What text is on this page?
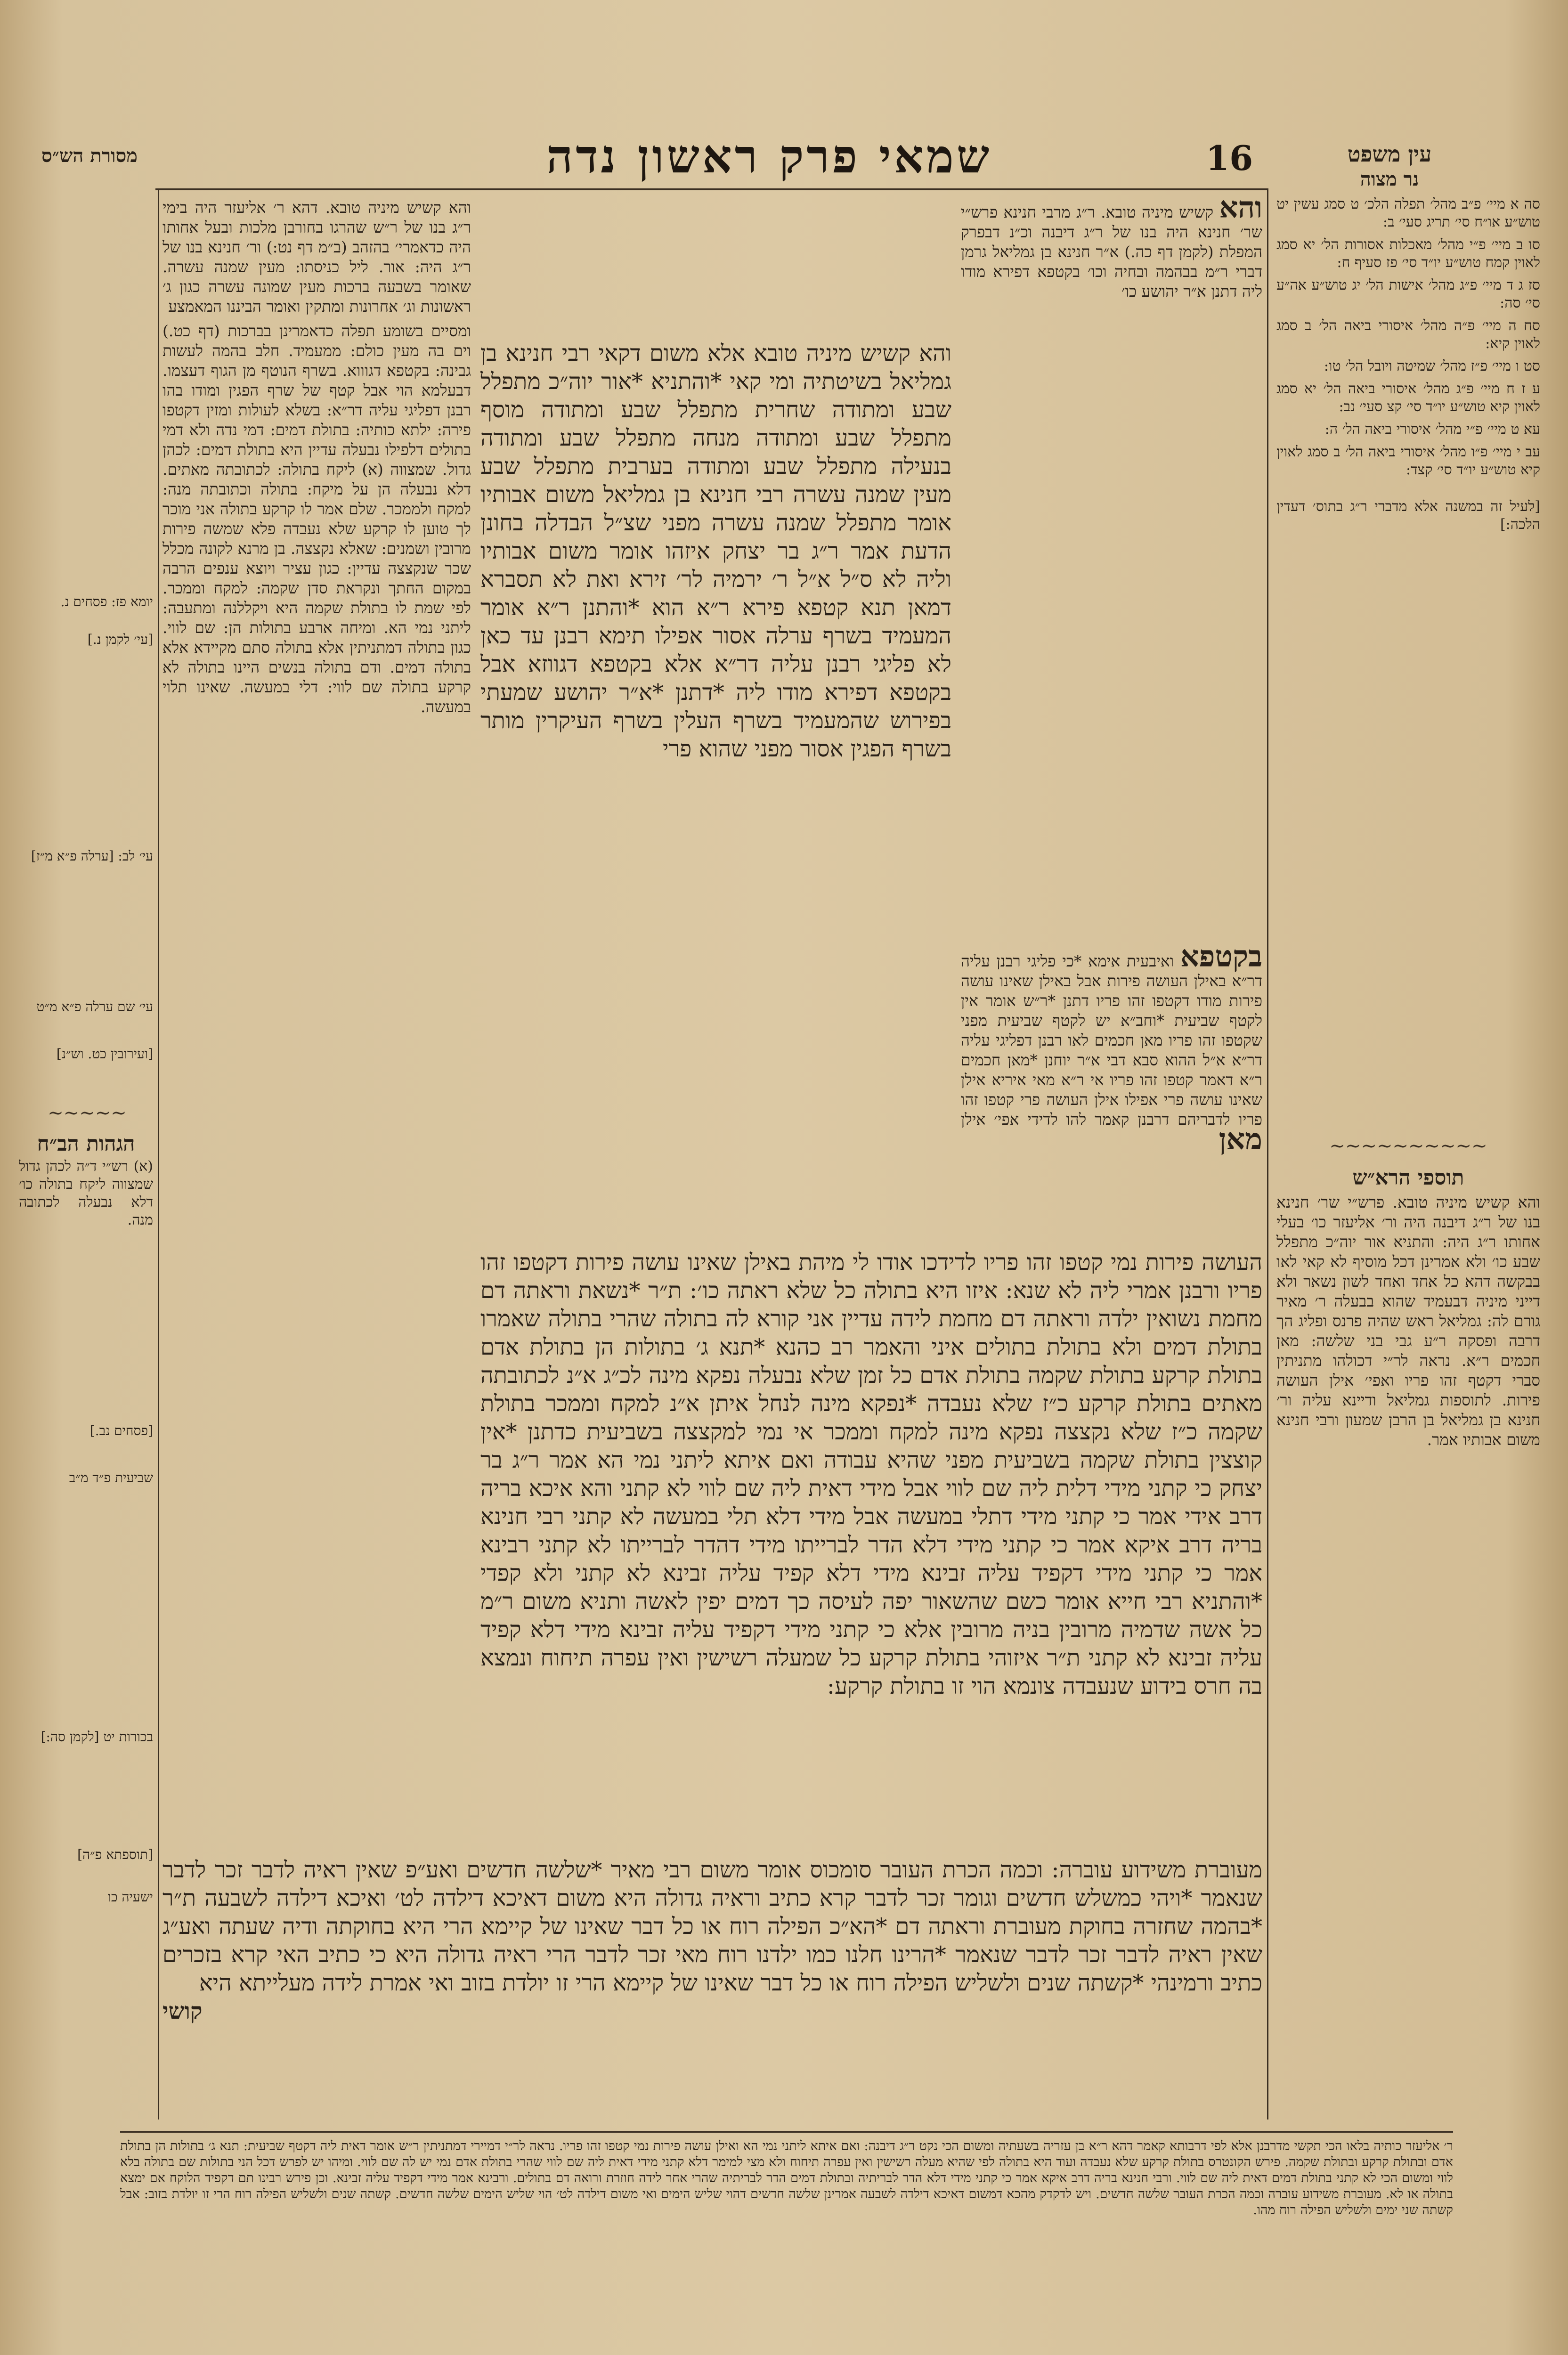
מסורת הש״ס	שמאי פרק ראשון נדה	16	עין משפט
נר מצוה

סה א מיי׳ פ״ב מהל׳ תפלה הלכ׳ ט סמג עשין יט טוש״ע או״ח סי׳ תריג סעי׳ ב:

סו ב מיי׳ פ״י מהל׳ מאכלות אסורות הל׳ יא סמג לאוין קמח טוש״ע יו״ד סי׳ פז סעיף ח:

סז ג ד מיי׳ פ״ג מהל׳ אישות הל׳ יג טוש״ע אה״ע סי׳ סה:

סח ה מיי׳ פ״ה מהל׳ איסורי ביאה הל׳ ב סמג לאוין קיא:

סט ו מיי׳ פ״ז מהל׳ שמיטה ויובל הל׳ טו:

ע ז ח מיי׳ פ״ג מהל׳ איסורי ביאה הל׳ יא סמג לאוין קיא טוש״ע יו״ד סי׳ קצ סעי׳ נב:

עא ט מיי׳ פ״י מהל׳ איסורי ביאה הל׳ ה:

עב י מיי׳ פ״ו מהל׳ איסורי ביאה הל׳ ב סמג לאוין קיא טוש״ע יו״ד סי׳ קצד:

[לעיל זה במשנה אלא מדברי ר״ג בתוס׳ דעדין הלכה:]

~~~~~~~~~~
תוספי הרא״ש
והא קשיש מיניה טובא. פרש״י שר׳ חנינא בנו של ר״ג דיבנה היה ור׳ אליעזר כו׳ בעלי אחותו ר״ג היה: והתניא אור יוה״כ מתפלל שבע כו׳ ולא אמרינן דכל מוסיף לא קאי לאו בבקשה דהא כל אחד ואחד לשון נשאר ולא דייני מיניה דבעמיד שהוא בבעלה ר׳ מאיר גורם לה: גמליאל ראש שהיה פרנס ופליג הך דרבה ופסקה ר״ע גבי בני שלשה: מאן חכמים ר״א. נראה לר״י דכולהו מתניתין סברי דקטף זהו פריו ואפי׳ אילן העושה פירות. לתוספות גמליאל ודיינא עליה ור׳ חנינא בן גמליאל בן הרבן שמעון ורבי חנינא משום אבותיו אמר.
והא קשיש מיניה טובא. ר״ג מרבי חנינא פרש״י שר׳ חנינא היה בנו של ר״ג דיבנה וכ״נ דבפרק המפלת (לקמן דף כה.) א״ר חנינא בן גמליאל גרמן דברי ר״מ בבהמה ובחיה וכו׳ בקטפא דפירא מודו ליה דתנן א״ר יהושע כו׳

והא קשיש מיניה טובא. דהא ר׳ אליעזר היה בימי ר״ג בנו של ר״ש שהרגו בחורבן מלכות ובעל אחותו היה כדאמרי׳ בהזהב (ב״מ דף נט:) ור׳ חנינא בנו של ר״ג היה: אור. ליל כניסתו: מעין שמנה עשרה. שאומר בשבעה ברכות מעין שמונה עשרה כגון ג׳ ראשונות וג׳ אחרונות ומתקין ואומר הביננו המאמצע

ומסיים בשומע תפלה כדאמרינן בברכות (דף כט.) וים בה מעין כולם: ממעמיד. חלב בהמה לעשות גבינה: בקטפא דגוווא. בשרף הנוטף מן הגוף דעצמו. דבעלמא הוי אבל קטף של שרף הפגין ומודו בהו רבנן דפליגי עליה דר״א: בשלא לעולות ומזין דקטפו פירה: ילתא כותיה: בתולת דמים: דמי נדה ולא דמי בתולים דלפילו נבעלה עדיין היא בתולת דמים: לכהן גדול. שמצווה (א) ליקח בתולה: לכתובתה מאתים. דלא נבעלה הן על מיקח: בתולה וכתובתה מנה: למקח ולממכר. שלם אמר לו קרקע בתולה אני מוכר לך טוען לו קרקע שלא נעבדה פלא שמשה פירות מרובין ושמנים: שאלא נקצצה. בן מרנא לקונה מכלל שכר שנקצצה עדיין: כגון עציר ויוצא ענפים הרבה במקום החתך ונקראת סדן שקמה: למקח וממכר. לפי שמת לו בתולת שקמה היא ויקללנה ומתעבה: ליתני נמי הא. ומיחה ארבע בתולות הן: שם לווי. כגון בתולה דמתניתין אלא בתולה סתם מקיידא אלא בתולה דמים. ודם בתולה בנשים היינו בתולה לא קרקע בתולה שם לווי: דלי במעשה. שאינו תלוי במעשה.

~~~~~
הגהות הב״ח
(א) רש״י ד״ה לכהן גדול שמצווה ליקח בתולה כו׳ דלא נבעלה לכתובה מנה.
יומא פז: פסחים נ.
[עי׳ לקמן נ.]
עי׳ לב: [ערלה פ״א מ״ז]
עי׳ שם ערלה פ״א מ״ט
[ועירובין כט. וש״נ]
[פסחים נב.]
שביעית פ״ד מ״ב
בכורות יט [לקמן סה:]
[תוספתא פ״ה]
ישעיה כו
והא קשיש מיניה טובא אלא משום דקאי רבי חנינא בן גמליאל בשיטתיה ומי קאי *והתניא *אור יוה״כ מתפלל שבע ומתודה שחרית מתפלל שבע ומתודה מוסף מתפלל שבע ומתודה מנחה מתפלל שבע ומתודה בנעילה מתפלל שבע ומתודה בערבית מתפלל שבע מעין שמנה עשרה רבי חנינא בן גמליאל משום אבותיו אומר מתפלל שמנה עשרה מפני שצ״ל הבדלה בחונן הדעת אמר ר״ג בר יצחק איזהו אומר משום אבותיו וליה לא ס״ל א״ל ר׳ ירמיה לר׳ זירא ואת לא תסברא דמאן תנא קטפא פירא ר״א הוא *והתנן ר״א אומר המעמיד בשרף ערלה אסור אפילו תימא רבנן עד כאן לא פליגי רבנן עליה דר״א אלא בקטפא דגווזא אבל בקטפא דפירא מודו ליה *דתנן *א״ר יהושע שמעתי בפירוש שהמעמיד בשרף העלין בשרף העיקרין מותר בשרף הפגין אסור מפני שהוא פרי
בקטפא ואיבעית אימא *כי פליגי רבנן עליה דר״א באילן העושה פירות אבל באילן שאינו עושה פירות מודו דקטפו זהו פריו דתנן *ר״ש אומר אין לקטף שביעית *וחב״א יש לקטף שביעית מפני שקטפו זהו פריו מאן חכמים לאו רבנן דפליגי עליה דר״א א״ל ההוא סבא דבי א״ר יוחנן *מאן חכמים ר״א דאמר קטפו זהו פריו אי ר״א מאי איריא אילן שאינו עושה פרי אפילו אילן העושה פרי קטפו זהו פריו לדבריהם דרבנן קאמר להו לדידי אפי׳ אילן מאן
העושה פירות נמי קטפו זהו פריו לדידכו אודו לי מיהת באילן שאינו עושה פירות דקטפו זהו פריו ורבנן אמרי ליה לא שנא: איזו היא בתולה כל שלא ראתה כו׳: ת״ר *נשאת וראתה דם מחמת נשואין ילדה וראתה דם מחמת לידה עדיין אני קורא לה בתולה שהרי בתולה שאמרו בתולת דמים ולא בתולת בתולים איני והאמר רב כהנא *תנא ג׳ בתולות הן בתולת אדם בתולת קרקע בתולת שקמה בתולת אדם כל זמן שלא נבעלה נפקא מינה לכ״ג א״נ לכתובתה מאתים בתולת קרקע כ״ז שלא נעבדה *נפקא מינה לנחל איתן א״נ למקח וממכר בתולת שקמה כ״ז שלא נקצצה נפקא מינה למקח וממכר אי נמי למקצצה בשביעית כדתנן *אין קוצצין בתולת שקמה בשביעית מפני שהיא עבודה ואם איתא ליתני נמי הא אמר ר״ג בר יצחק כי קתני מידי דלית ליה שם לווי אבל מידי דאית ליה שם לווי לא קתני והא איכא בריה דרב אידי אמר כי קתני מידי דתלי במעשה אבל מידי דלא תלי במעשה לא קתני רבי חנינא בריה דרב איקא אמר כי קתני מידי דלא הדר לברייתו מידי דהדר לברייתו לא קתני רבינא אמר כי קתני מידי דקפיד עליה זבינא מידי דלא קפיד עליה זבינא לא קתני ולא קפדי *והתניא רבי חייא אומר כשם שהשאור יפה לעיסה כך דמים יפין לאשה ותניא משום ר״מ כל אשה שדמיה מרובין בניה מרובין אלא כי קתני מידי דקפיד עליה זבינא מידי דלא קפיד עליה זבינא לא קתני ת״ר איזוהי בתולת קרקע כל שמעלה רשישין ואין עפרה תיחוח ונמצא בה חרס בידוע שנעבדה צונמא הוי זו בתולת קרקע:
מעוברת משידוע עוברה: וכמה הכרת העובר סומכוס אומר משום רבי מאיר *שלשה חדשים ואע״פ שאין ראיה לדבר זכר לדבר שנאמר *ויהי כמשלש חדשים וגומר זכר לדבר קרא כתיב וראיה גדולה היא משום דאיכא דילדה לט׳ ואיכא דילדה לשבעה ת״ר *בהמה שחזרה בחוקת מעוברת וראתה דם *הא״כ הפילה רוח או כל דבר שאינו של קיימא הרי היא בחוקתה ודיה שעתה ואע״ג שאין ראיה לדבר זכר לדבר שנאמר *הרינו חלנו כמו ילדנו רוח מאי זכר לדבר הרי ראיה גדולה היא כי כתיב האי קרא בזכרים כתיב ורמינהי *קשתה שנים ולשליש הפילה רוח או כל דבר שאינו של קיימא הרי זו יולדת בזוב ואי אמרת לידה מעלייתא היא
קושי
ר׳ אליעזר כותיה בלאו הכי תקשי מדרבנן אלא לפי דרבותא קאמר דהא ר״א בן עזריה בשעתיה ומשום הכי נקט ר״ג דיבנה: ואם איתא ליתני נמי הא ואילן עושה פירות נמי קטפו זהו פריו. נראה לר״י דמיירי דמתניתין ר״ש אומר דאית ליה דקטף שביעית: תנא ג׳ בתולות הן בתולת אדם ובתולת קרקע ובתולת שקמה. פירש הקונטרס בתולת קרקע שלא נעבדה ועוד היא בתולה לפי שהיא מעלה רשישין ואין עפרה תיחוח ולא מצי למימר דלא קתני מידי דאית ליה שם לווי שהרי בתולת אדם נמי יש לה שם לווי. ומיהו יש לפרש דכל הני בתולות שם בתולה בלא לווי ומשום הכי לא קתני בתולת דמים דאית ליה שם לווי. ורבי חנינא בריה דרב איקא אמר כי קתני מידי דלא הדר לבריתיה ובתולת דמים הדר לבריתיה שהרי אחר לידה חוזרת ורואה דם בתולים. ורבינא אמר מידי דקפיד עליה זבינא. וכן פירש רבינו תם דקפיד הלוקח אם ימצא בתולה או לא. מעוברת משידוע עוברה וכמה הכרת העובר שלשה חדשים. ויש לדקדק מהכא דמשום דאיכא דילדה לשבעה אמרינן שלשה חדשים דהוי שליש הימים ואי משום דילדה לט׳ הוי שליש הימים שלשה חדשים. קשתה שנים ולשליש הפילה רוח הרי זו יולדת בזוב: אבל קשתה שני ימים ולשליש הפילה רוח מהו.
